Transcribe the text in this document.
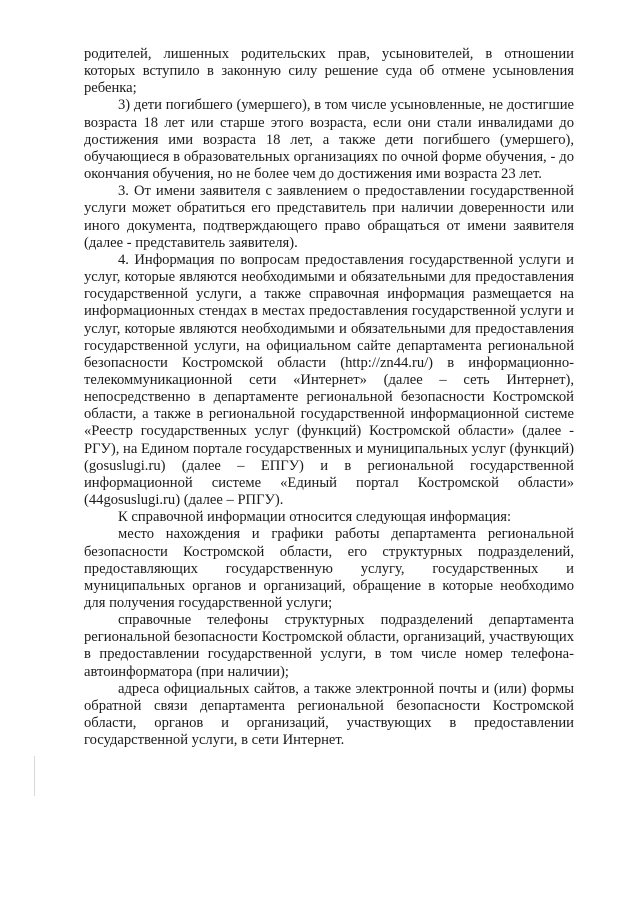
родителей, лишенных родительских прав, усыновителей, в отношении которых вступило в законную силу решение суда об отмене усыновления ребенка;

3) дети погибшего (умершего), в том числе усыновленные, не достигшие возраста 18 лет или старше этого возраста, если они стали инвалидами до достижения ими возраста 18 лет, а также дети погибшего (умершего), обучающиеся в образовательных организациях по очной форме обучения, - до окончания обучения, но не более чем до достижения ими возраста 23 лет.

3. От имени заявителя с заявлением о предоставлении государственной услуги может обратиться его представитель при наличии доверенности или иного документа, подтверждающего право обращаться от имени заявителя (далее - представитель заявителя).

4. Информация по вопросам предоставления государственной услуги и услуг, которые являются необходимыми и обязательными для предоставления государственной услуги, а также справочная информация размещается на информационных стендах в местах предоставления государственной услуги и услуг, которые являются необходимыми и обязательными для предоставления государственной услуги, на официальном сайте департамента региональной безопасности Костромской области (http://zn44.ru/) в информационно-телекоммуникационной сети «Интернет» (далее – сеть Интернет), непосредственно в департаменте региональной безопасности Костромской области, а также в региональной государственной информационной системе «Реестр государственных услуг (функций) Костромской области» (далее - РГУ), на Едином портале государственных и муниципальных услуг (функций) (gosuslugi.ru) (далее – ЕПГУ) и в региональной государственной информационной системе «Единый портал Костромской области» (44gosuslugi.ru) (далее – РПГУ).

К справочной информации относится следующая информация:

место нахождения и графики работы департамента региональной безопасности Костромской области, его структурных подразделений, предоставляющих государственную услугу, государственных и муниципальных органов и организаций, обращение в которые необходимо для получения государственной услуги;

справочные телефоны структурных подразделений департамента региональной безопасности Костромской области, организаций, участвующих в предоставлении государственной услуги, в том числе номер телефона-автоинформатора (при наличии);

адреса официальных сайтов, а также электронной почты и (или) формы обратной связи департамента региональной безопасности Костромской области, органов и организаций, участвующих в предоставлении государственной услуги, в сети Интернет.
